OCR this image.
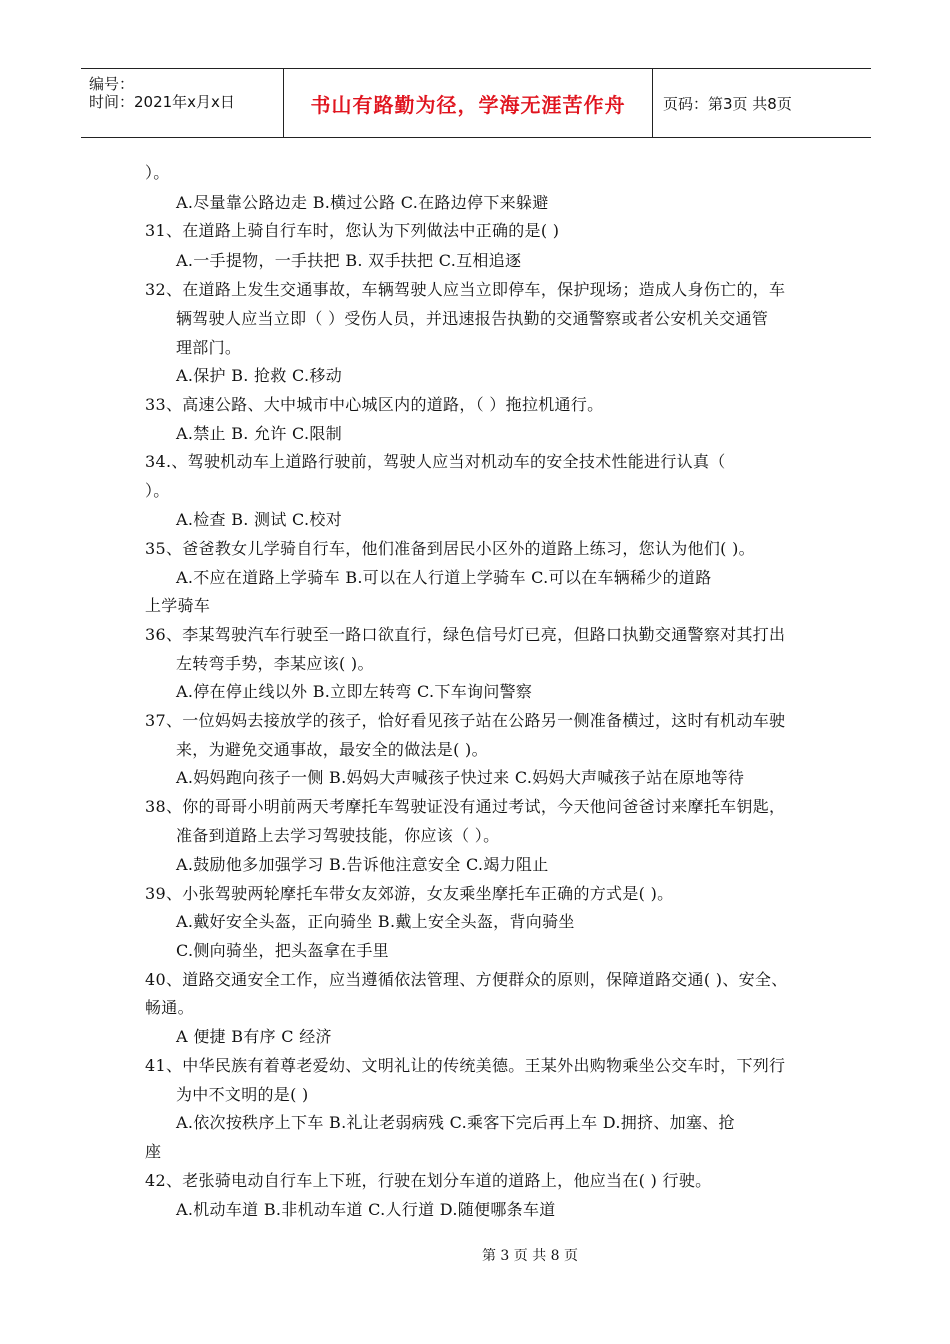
编号：
时间：2021年x月x日	书山有路勤为径，学海无涯苦作舟	页码：第3页 共8页
）。
A.尽量靠公路边走 B.横过公路 C.在路边停下来躲避
31、在道路上骑自行车时，您认为下列做法中正确的是( )
A.一手提物，一手扶把 B. 双手扶把 C.互相追逐
32、在道路上发生交通事故，车辆驾驶人应当立即停车，保护现场；造成人身伤亡的，车
辆驾驶人应当立即（ ）受伤人员，并迅速报告执勤的交通警察或者公安机关交通管
理部门。
A.保护 B. 抢救 C.移动
33、高速公路、大中城市中心城区内的道路，（ ）拖拉机通行。
A.禁止 B. 允许 C.限制
34.、驾驶机动车上道路行驶前，驾驶人应当对机动车的安全技术性能进行认真（
）。
A.检查 B. 测试 C.校对
35、爸爸教女儿学骑自行车，他们准备到居民小区外的道路上练习，您认为他们( )。
A.不应在道路上学骑车 B.可以在人行道上学骑车 C.可以在车辆稀少的道路
上学骑车
36、李某驾驶汽车行驶至一路口欲直行，绿色信号灯已亮，但路口执勤交通警察对其打出
左转弯手势，李某应该( )。
A.停在停止线以外 B.立即左转弯 C.下车询问警察
37、一位妈妈去接放学的孩子，恰好看见孩子站在公路另一侧准备横过，这时有机动车驶
来，为避免交通事故，最安全的做法是( )。
A.妈妈跑向孩子一侧 B.妈妈大声喊孩子快过来 C.妈妈大声喊孩子站在原地等待
38、你的哥哥小明前两天考摩托车驾驶证没有通过考试，今天他问爸爸讨来摩托车钥匙，
准备到道路上去学习驾驶技能，你应该（ ）。
A.鼓励他多加强学习 B.告诉他注意安全 C.竭力阻止
39、小张驾驶两轮摩托车带女友郊游，女友乘坐摩托车正确的方式是( )。
A.戴好安全头盔，正向骑坐 B.戴上安全头盔，背向骑坐
C.侧向骑坐，把头盔拿在手里
40、道路交通安全工作，应当遵循依法管理、方便群众的原则，保障道路交通( )、安全、
畅通。
A 便捷 B有序 C 经济
41、中华民族有着尊老爱幼、文明礼让的传统美德。王某外出购物乘坐公交车时，下列行
为中不文明的是( )
A.依次按秩序上下车 B.礼让老弱病残 C.乘客下完后再上车 D.拥挤、加塞、抢
座
42、老张骑电动自行车上下班，行驶在划分车道的道路上，他应当在( ) 行驶。
A.机动车道 B.非机动车道 C.人行道 D.随便哪条车道
第 3 页 共 8 页
